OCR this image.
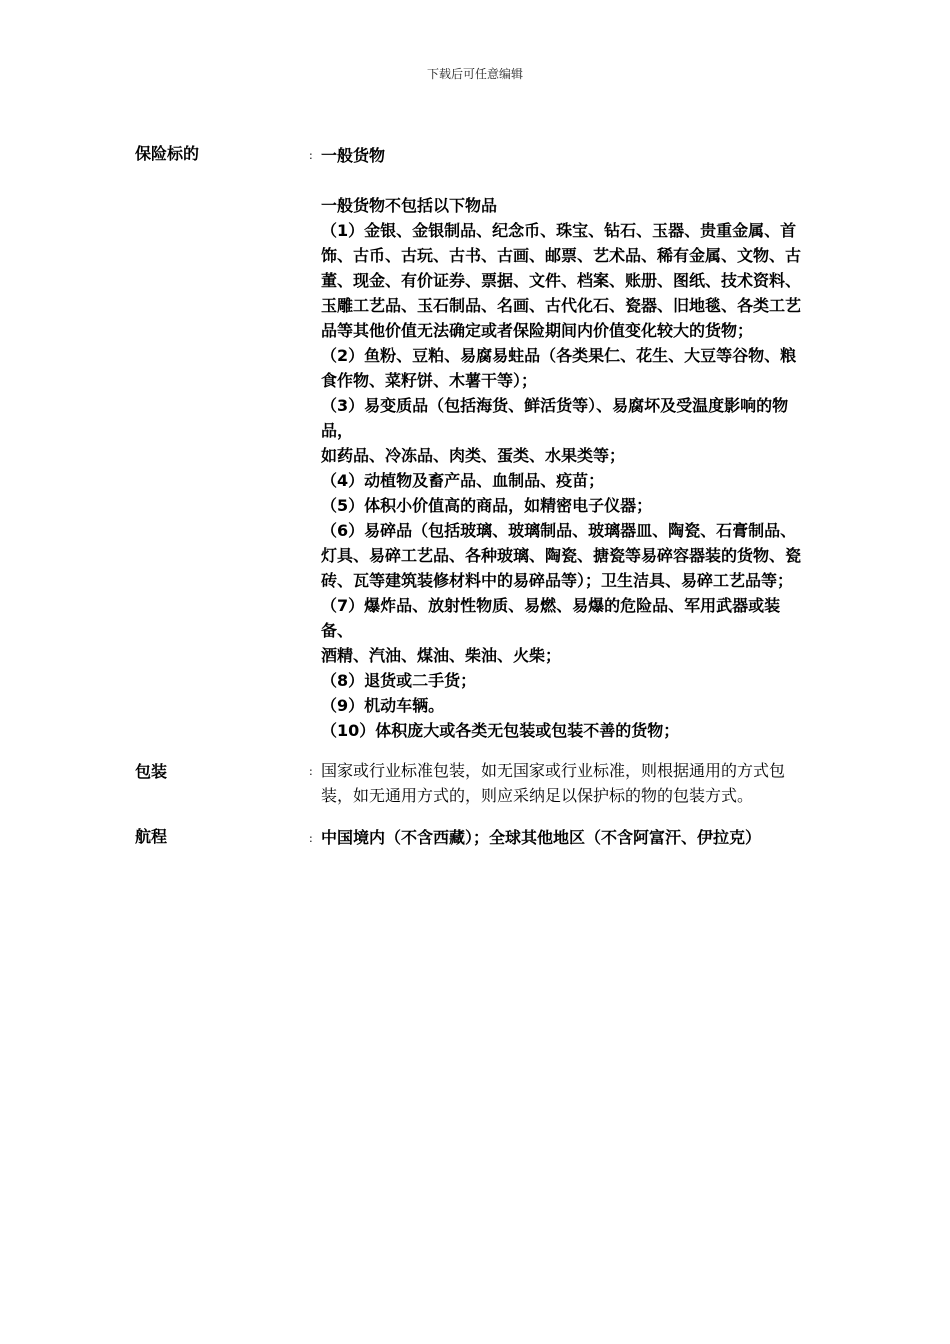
下载后可任意编辑
保险标的	: 一般货物
一般货物不包括以下物品
（1）金银、金银制品、纪念币、珠宝、钻石、玉器、贵重金属、首
饰、古币、古玩、古书、古画、邮票、艺术品、稀有金属、文物、古
董、现金、有价证券、票据、文件、档案、账册、图纸、技术资料、
玉雕工艺品、玉石制品、名画、古代化石、瓷器、旧地毯、各类工艺
品等其他价值无法确定或者保险期间内价值变化较大的货物；
（2）鱼粉、豆粕、易腐易蛀品（各类果仁、花生、大豆等谷物、粮
食作物、菜籽饼、木薯干等）；
（3）易变质品（包括海货、鲜活货等）、易腐坏及受温度影响的物
品，
如药品、冷冻品、肉类、蛋类、水果类等；
（4）动植物及畜产品、血制品、疫苗；
（5）体积小价值高的商品，如精密电子仪器；
（6）易碎品（包括玻璃、玻璃制品、玻璃器皿、陶瓷、石膏制品、
灯具、易碎工艺品、各种玻璃、陶瓷、搪瓷等易碎容器装的货物、瓷
砖、瓦等建筑装修材料中的易碎品等）；卫生洁具、易碎工艺品等；
（7）爆炸品、放射性物质、易燃、易爆的危险品、军用武器或装
备、
酒精、汽油、煤油、柴油、火柴；
（8）退货或二手货；
（9）机动车辆。
（10）体积庞大或各类无包装或包装不善的货物；
包装	: 国家或行业标准包装，如无国家或行业标准，则根据通用的方式包
装，如无通用方式的，则应采纳足以保护标的物的包装方式。
航程	: 中国境内（不含西藏）；全球其他地区（不含阿富汗、伊拉克）
